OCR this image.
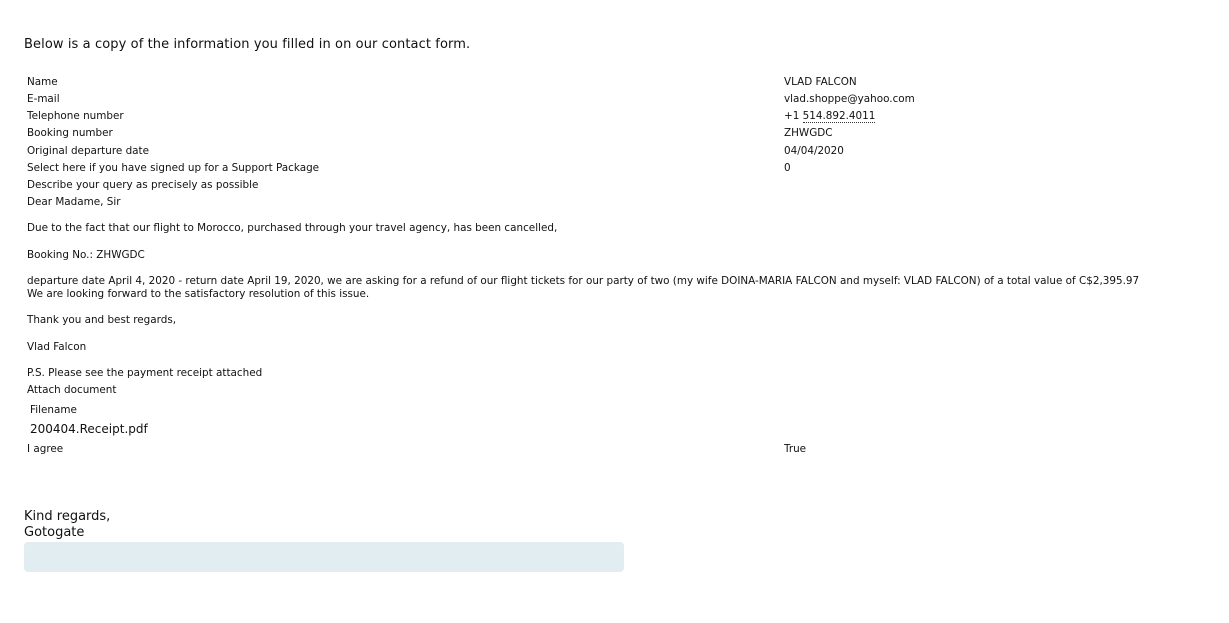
Below is a copy of the information you filled in on our contact form.
Name	VLAD FALCON
E-mail	vlad.shoppe@yahoo.com
Telephone number	+1 514.892.4011
Booking number	ZHWGDC
Original departure date	04/04/2020
Select here if you have signed up for a Support Package	0
Describe your query as precisely as possible
Dear Madame, Sir
Due to the fact that our flight to Morocco, purchased through your travel agency, has been cancelled,
Booking No.: ZHWGDC
departure date April 4, 2020 - return date April 19, 2020, we are asking for a refund of our flight tickets for our party of two (my wife DOINA-MARIA FALCON and myself: VLAD FALCON) of a total value of C$2,395.97
We are looking forward to the satisfactory resolution of this issue.
Thank you and best regards,
Vlad Falcon
P.S. Please see the payment receipt attached
Attach document
Filename
200404.Receipt.pdf
I agree	True
Kind regards,
Gotogate
